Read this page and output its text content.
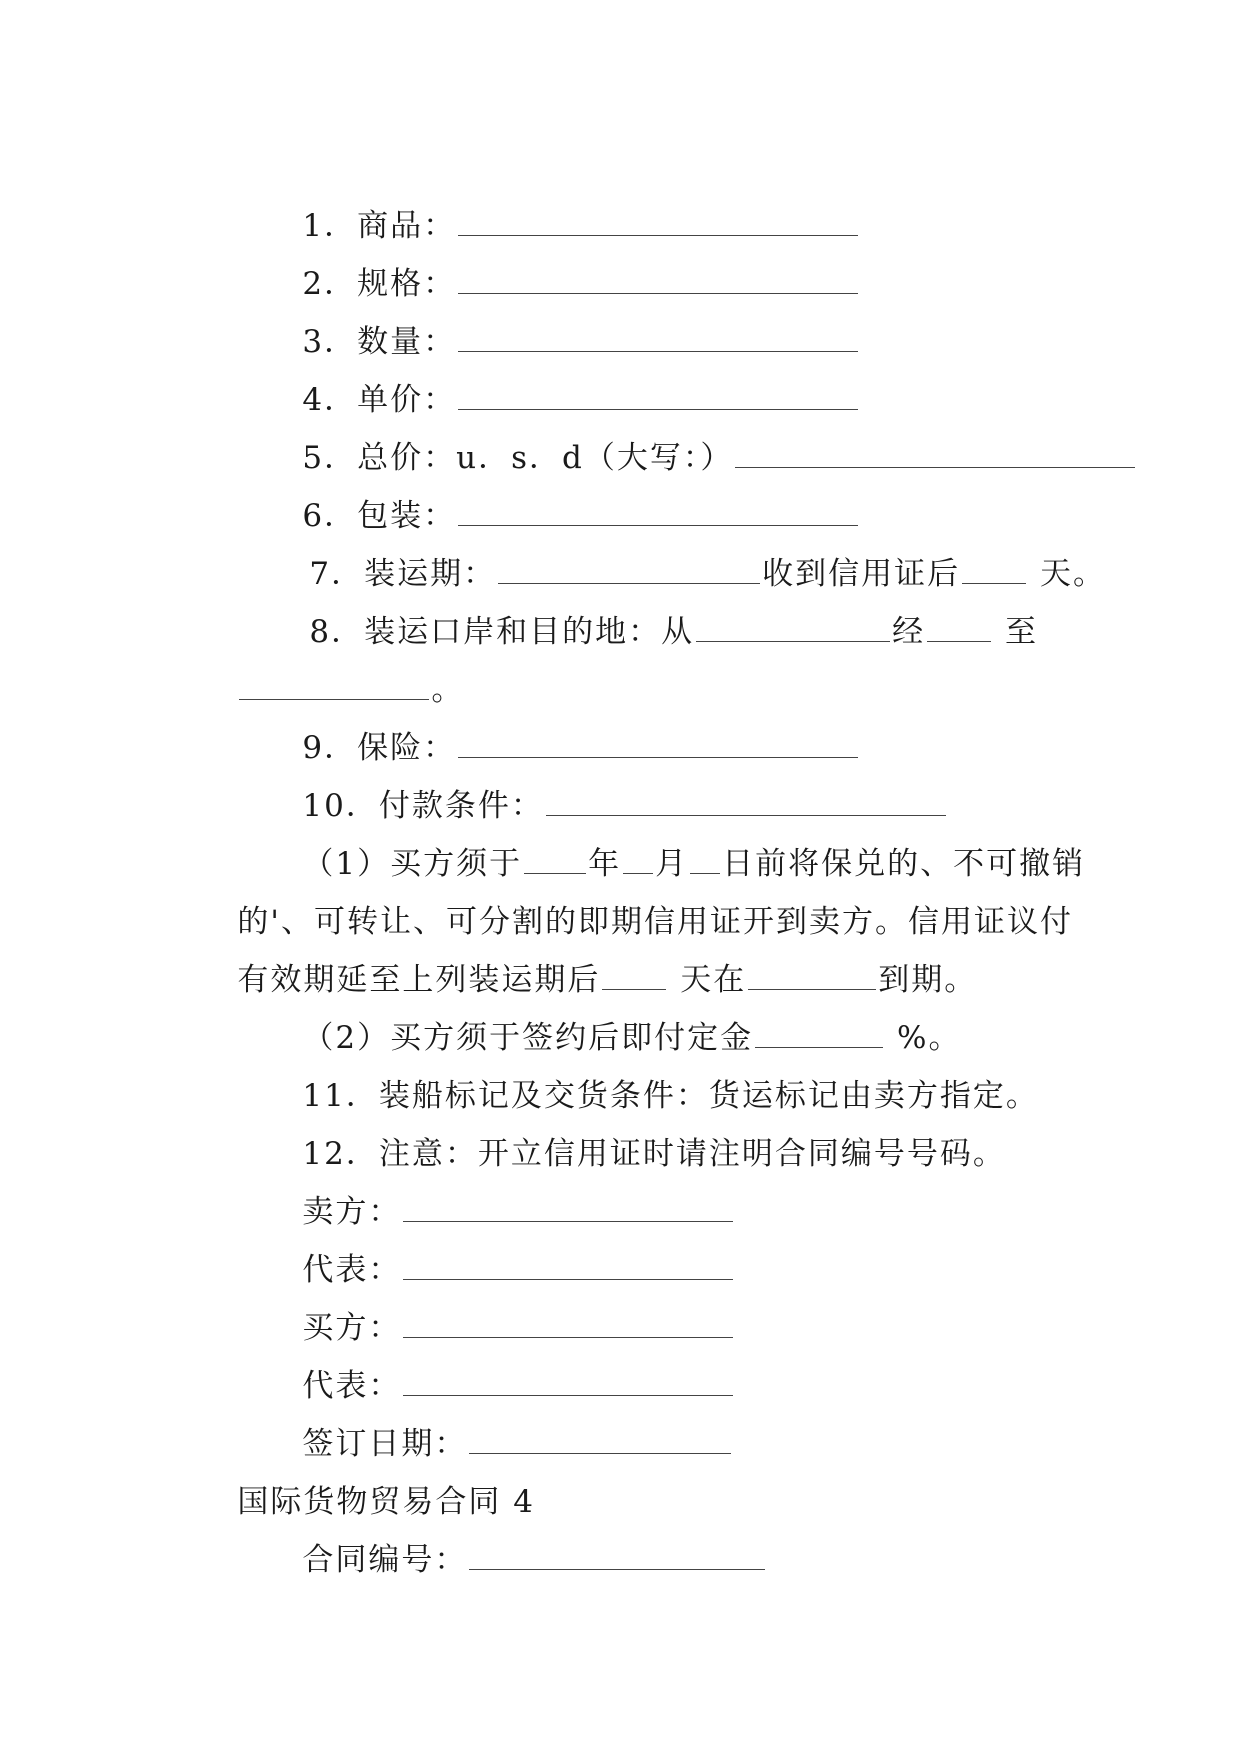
1．商品：

2．规格：

3．数量：

4．单价：

5．总价：u．s．d（大写：）

6．包装：

7．装运期：	收到信用证后 天。

8．装运口岸和目的地：从	经 至

。

9．保险：

10．付款条件：

（1）买方须于 年 月 日前将保兑的、不可撤销

的'、可转让、可分割的即期信用证开到卖方。信用证议付

有效期延至上列装运期后 天在	到期。

（2）买方须于签约后即付定金	%。

11．装船标记及交货条件：货运标记由卖方指定。

12．注意：开立信用证时请注明合同编号号码。

卖方：

代表：

买方：

代表：

签订日期：

国际货物贸易合同 4

合同编号：
